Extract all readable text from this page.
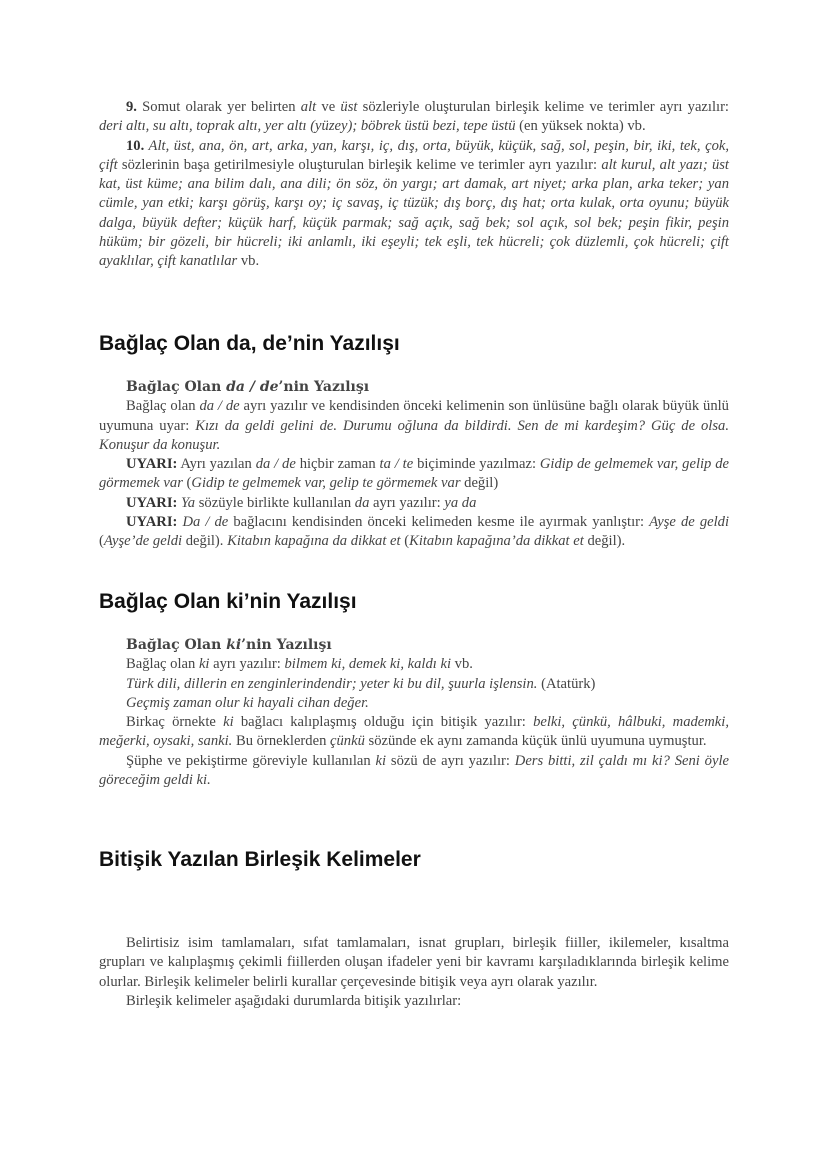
9. Somut olarak yer belirten alt ve üst sözleriyle oluşturulan birleşik kelime ve terimler ayrı yazılır: deri altı, su altı, toprak altı, yer altı (yüzey); böbrek üstü bezi, tepe üstü (en yüksek nokta) vb.

10. Alt, üst, ana, ön, art, arka, yan, karşı, iç, dış, orta, büyük, küçük, sağ, sol, peşin, bir, iki, tek, çok, çift sözlerinin başa getirilmesiyle oluşturulan birleşik kelime ve terimler ayrı yazılır: alt kurul, alt yazı; üst kat, üst küme; ana bilim dalı, ana dili; ön söz, ön yargı; art damak, art niyet; arka plan, arka teker; yan cümle, yan etki; karşı görüş, karşı oy; iç savaş, iç tüzük; dış borç, dış hat; orta kulak, orta oyunu; büyük dalga, büyük defter; küçük harf, küçük parmak; sağ açık, sağ bek; sol açık, sol bek; peşin fikir, peşin hüküm; bir gözeli, bir hücreli; iki anlamlı, iki eşeyli; tek eşli, tek hücreli; çok düzlemli, çok hücreli; çift ayaklılar, çift kanatlılar vb.

Bağlaç Olan da, de’nin Yazılışı

Bağlaç Olan da / de’nin Yazılışı

Bağlaç olan da / de ayrı yazılır ve kendisinden önceki kelimenin son ünlüsüne bağlı olarak büyük ünlü uyumuna uyar: Kızı da geldi gelini de. Durumu oğluna da bildirdi. Sen de mi kardeşim? Güç de olsa. Konuşur da konuşur.

UYARI: Ayrı yazılan da / de hiçbir zaman ta / te biçiminde yazılmaz: Gidip de gelmemek var, gelip de görmemek var (Gidip te gelmemek var, gelip te görmemek var değil)

UYARI: Ya sözüyle birlikte kullanılan da ayrı yazılır: ya da

UYARI: Da / de bağlacını kendisinden önceki kelimeden kesme ile ayırmak yanlıştır: Ayşe de geldi (Ayşe’de geldi değil). Kitabın kapağına da dikkat et (Kitabın kapağına’da dikkat et değil).

Bağlaç Olan ki’nin Yazılışı

Bağlaç Olan ki’nin Yazılışı

Bağlaç olan ki ayrı yazılır: bilmem ki, demek ki, kaldı ki vb.

Türk dili, dillerin en zenginlerindendir; yeter ki bu dil, şuurla işlensin. (Atatürk)

Geçmiş zaman olur ki hayali cihan değer.

Birkaç örnekte ki bağlacı kalıplaşmış olduğu için bitişik yazılır: belki, çünkü, hâlbuki, mademki, meğerki, oysaki, sanki. Bu örneklerden çünkü sözünde ek aynı zamanda küçük ünlü uyumuna uymuştur.

Şüphe ve pekiştirme göreviyle kullanılan ki sözü de ayrı yazılır: Ders bitti, zil çaldı mı ki? Seni öyle göreceğim geldi ki.

Bitişik Yazılan Birleşik Kelimeler

Belirtisiz isim tamlamaları, sıfat tamlamaları, isnat grupları, birleşik fiiller, ikilemeler, kısaltma grupları ve kalıplaşmış çekimli fiillerden oluşan ifadeler yeni bir kavramı karşıladıklarında birleşik kelime olurlar. Birleşik kelimeler belirli kurallar çerçevesinde bitişik veya ayrı olarak yazılır.

Birleşik kelimeler aşağıdaki durumlarda bitişik yazılırlar:
